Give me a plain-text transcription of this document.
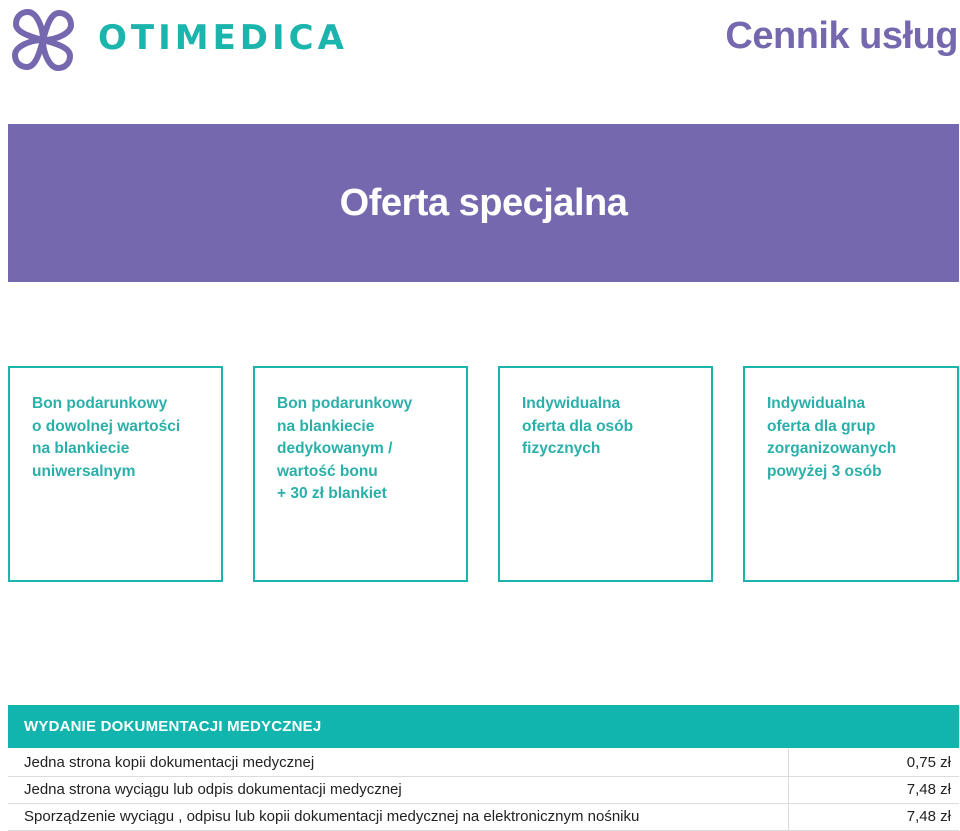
OTIMEDICA	Cennik usług
Oferta specjalna
Bon podarunkowy
o dowolnej wartości
na blankiecie
uniwersalnym
Bon podarunkowy
na blankiecie
dedykowanym /
wartość bonu
+ 30 zł blankiet
Indywidualna
oferta dla osób
fizycznych
Indywidualna
oferta dla grup
zorganizowanych
powyżej 3 osób
WYDANIE DOKUMENTACJI MEDYCZNEJ
Jedna strona kopii dokumentacji medycznej	0,75 zł
Jedna strona wyciągu lub odpis dokumentacji medycznej	7,48 zł
Sporządzenie wyciągu , odpisu lub kopii dokumentacji medycznej na elektronicznym nośniku	7,48 zł
